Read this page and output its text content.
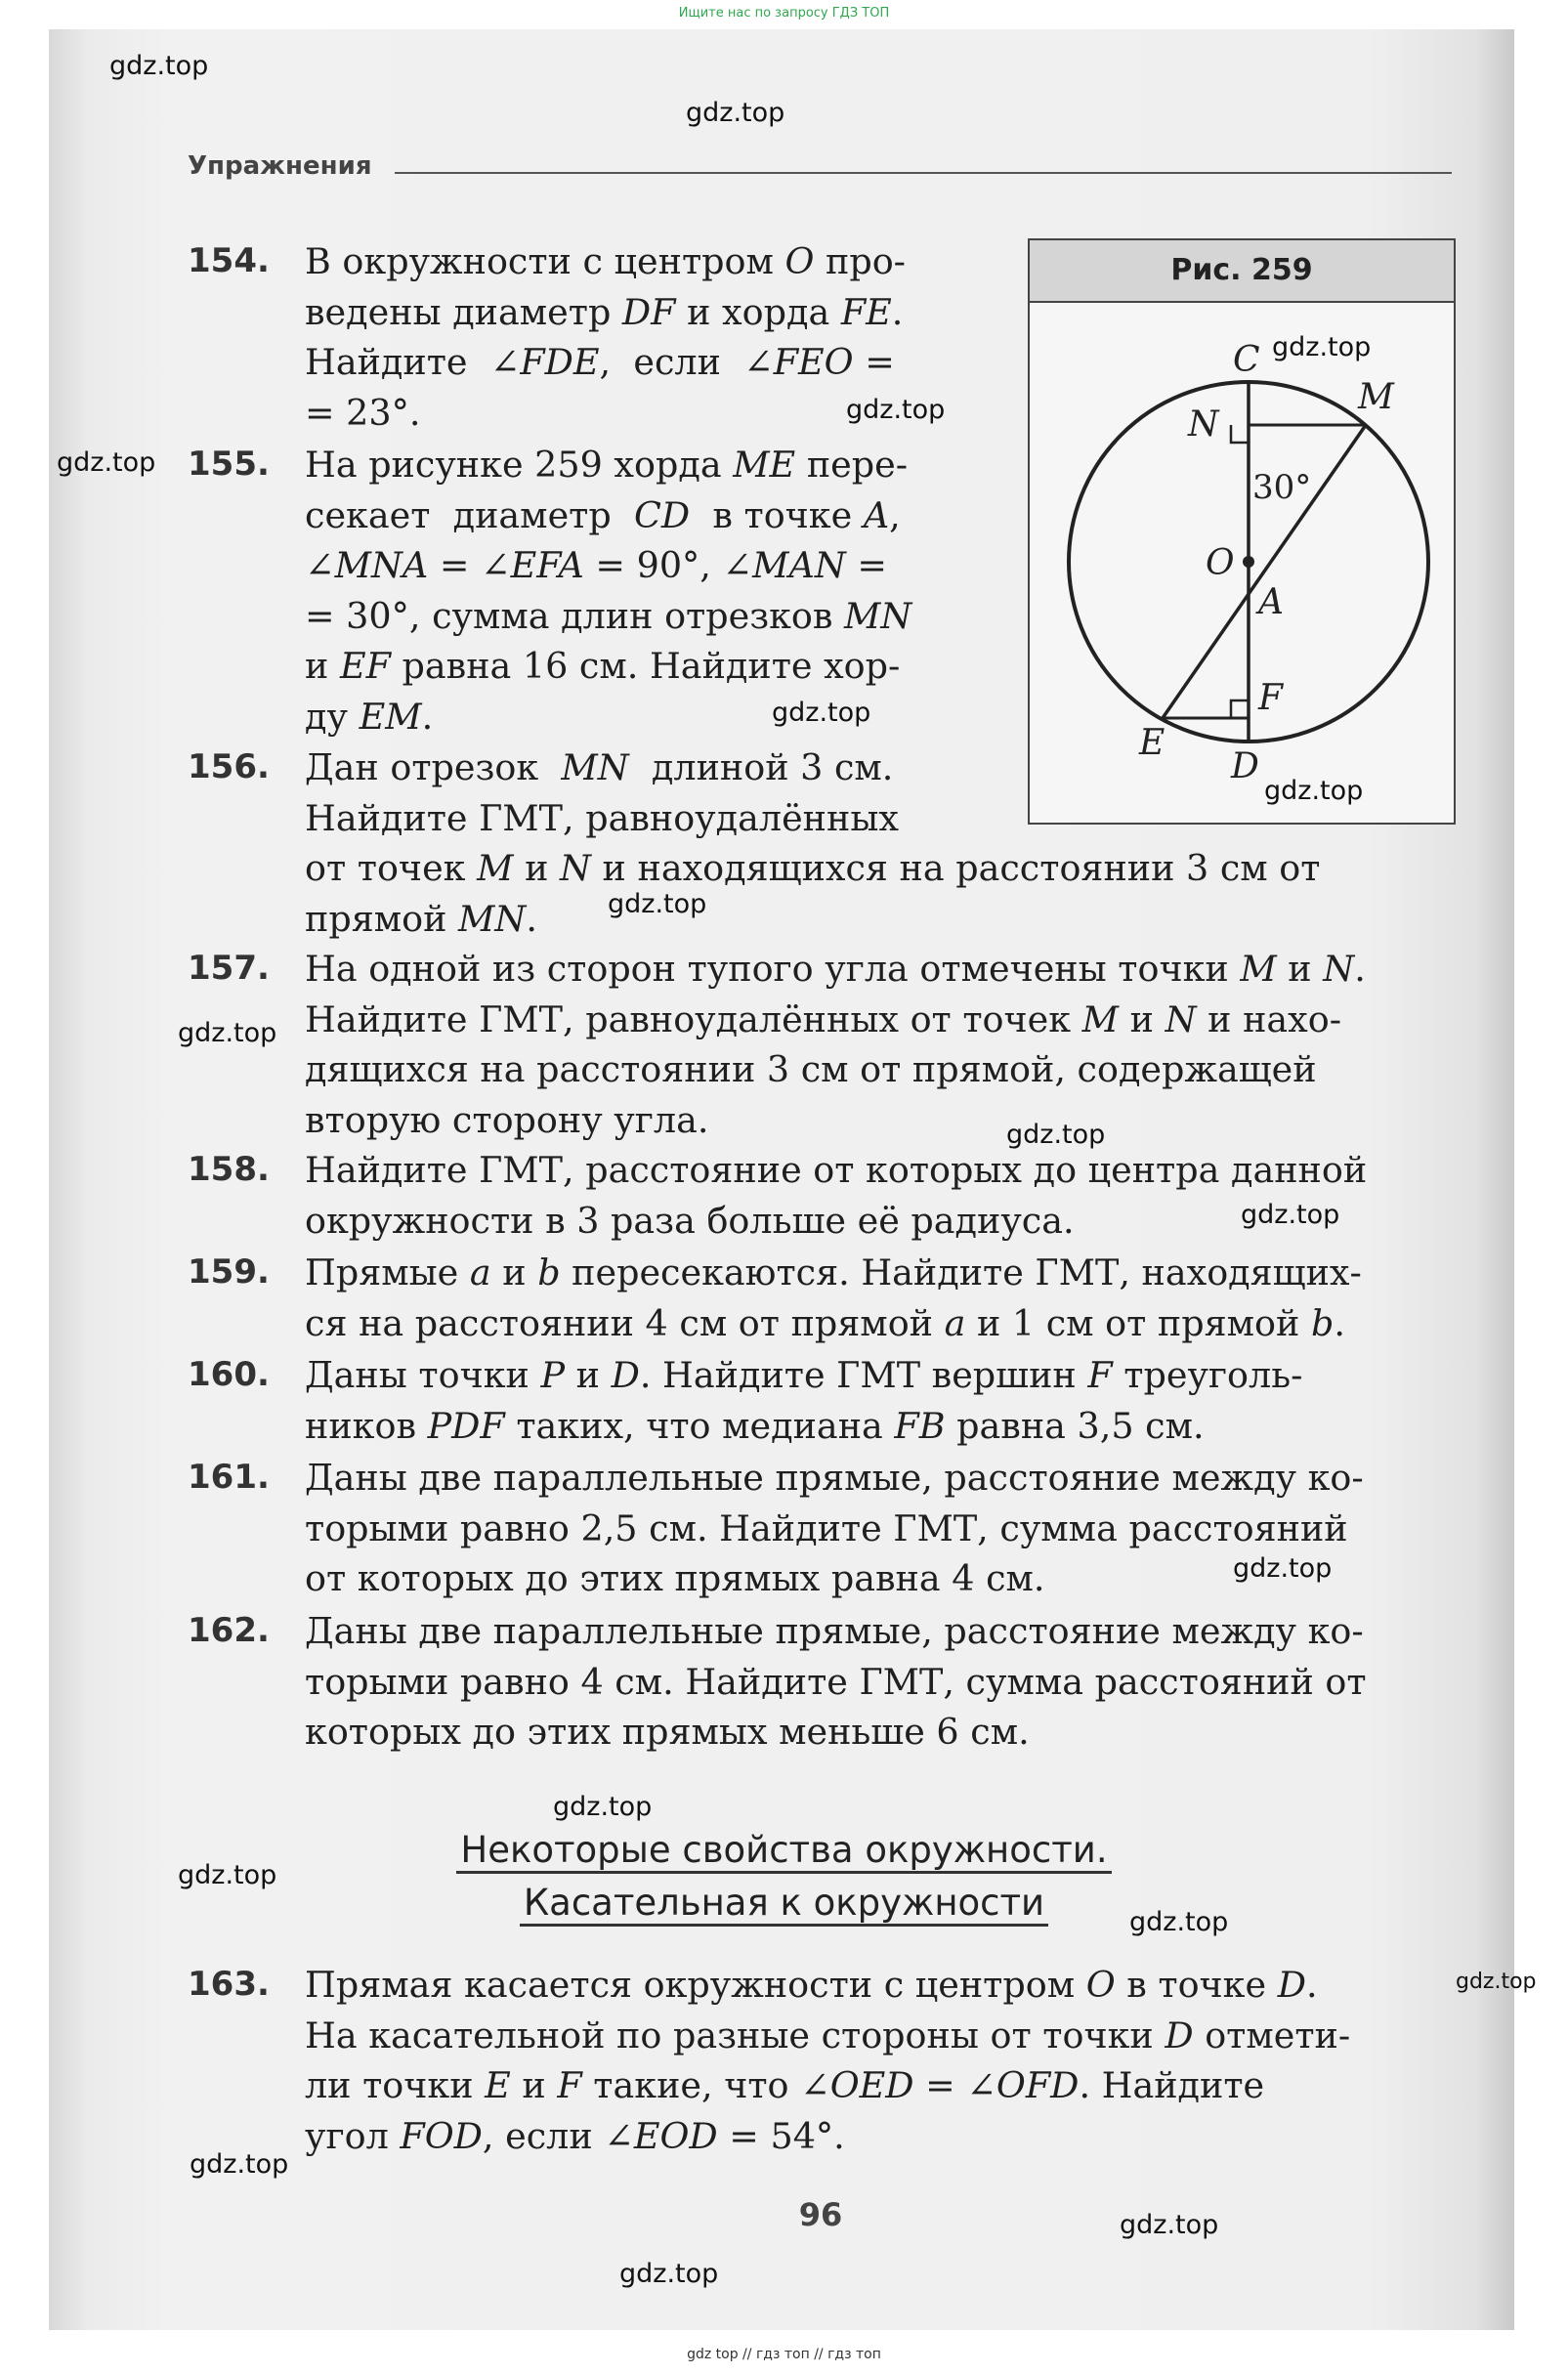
Ищите нас по запросу ГДЗ ТОП
Упражнения
Рис. 259
C
M
N
30°
O
A
F
E
D
154. В окружности с центром O про-
ведены диаметр DF и хорда FE.
Найдите  ∠FDE,  если  ∠FEO =
= 23°.
155. На рисунке 259 хорда ME пере-
секает  диаметр  CD  в точке A,
∠MNA = ∠EFA = 90°, ∠MAN =
= 30°, сумма длин отрезков MN
и EF равна 16 см. Найдите хор-
ду EM.
156. Дан отрезок  MN  длиной 3 см.
Найдите ГМТ, равноудалённых
от точек M и N и находящихся на расстоянии 3 см от
прямой MN.
157. На одной из сторон тупого угла отмечены точки M и N.
Найдите ГМТ, равноудалённых от точек M и N и нахо-
дящихся на расстоянии 3 см от прямой, содержащей
вторую сторону угла.
158. Найдите ГМТ, расстояние от которых до центра данной
окружности в 3 раза больше её радиуса.
159. Прямые a и b пересекаются. Найдите ГМТ, находящих-
ся на расстоянии 4 см от прямой a и 1 см от прямой b.
160. Даны точки P и D. Найдите ГМТ вершин F треуголь-
ников PDF таких, что медиана FB равна 3,5 см.
161. Даны две параллельные прямые, расстояние между ко-
торыми равно 2,5 см. Найдите ГМТ, сумма расстояний
от которых до этих прямых равна 4 см.
162. Даны две параллельные прямые, расстояние между ко-
торыми равно 4 см. Найдите ГМТ, сумма расстояний от
которых до этих прямых меньше 6 см.
Некоторые свойства окружности.
Касательная к окружности
163. Прямая касается окружности с центром O в точке D.
На касательной по разные стороны от точки D отмети-
ли точки E и F такие, что ∠OED = ∠OFD. Найдите
угол FOD, если ∠EOD = 54°.
96
gdz.top
gdz.top
gdz.top
gdz.top
gdz.top
gdz.top
gdz.top
gdz.top
gdz.top
gdz.top
gdz.top
gdz.top
gdz.top
gdz.top
gdz.top
gdz.top
gdz.top
gdz.top
gdz.top
gdz top // гдз топ // гдз топ
